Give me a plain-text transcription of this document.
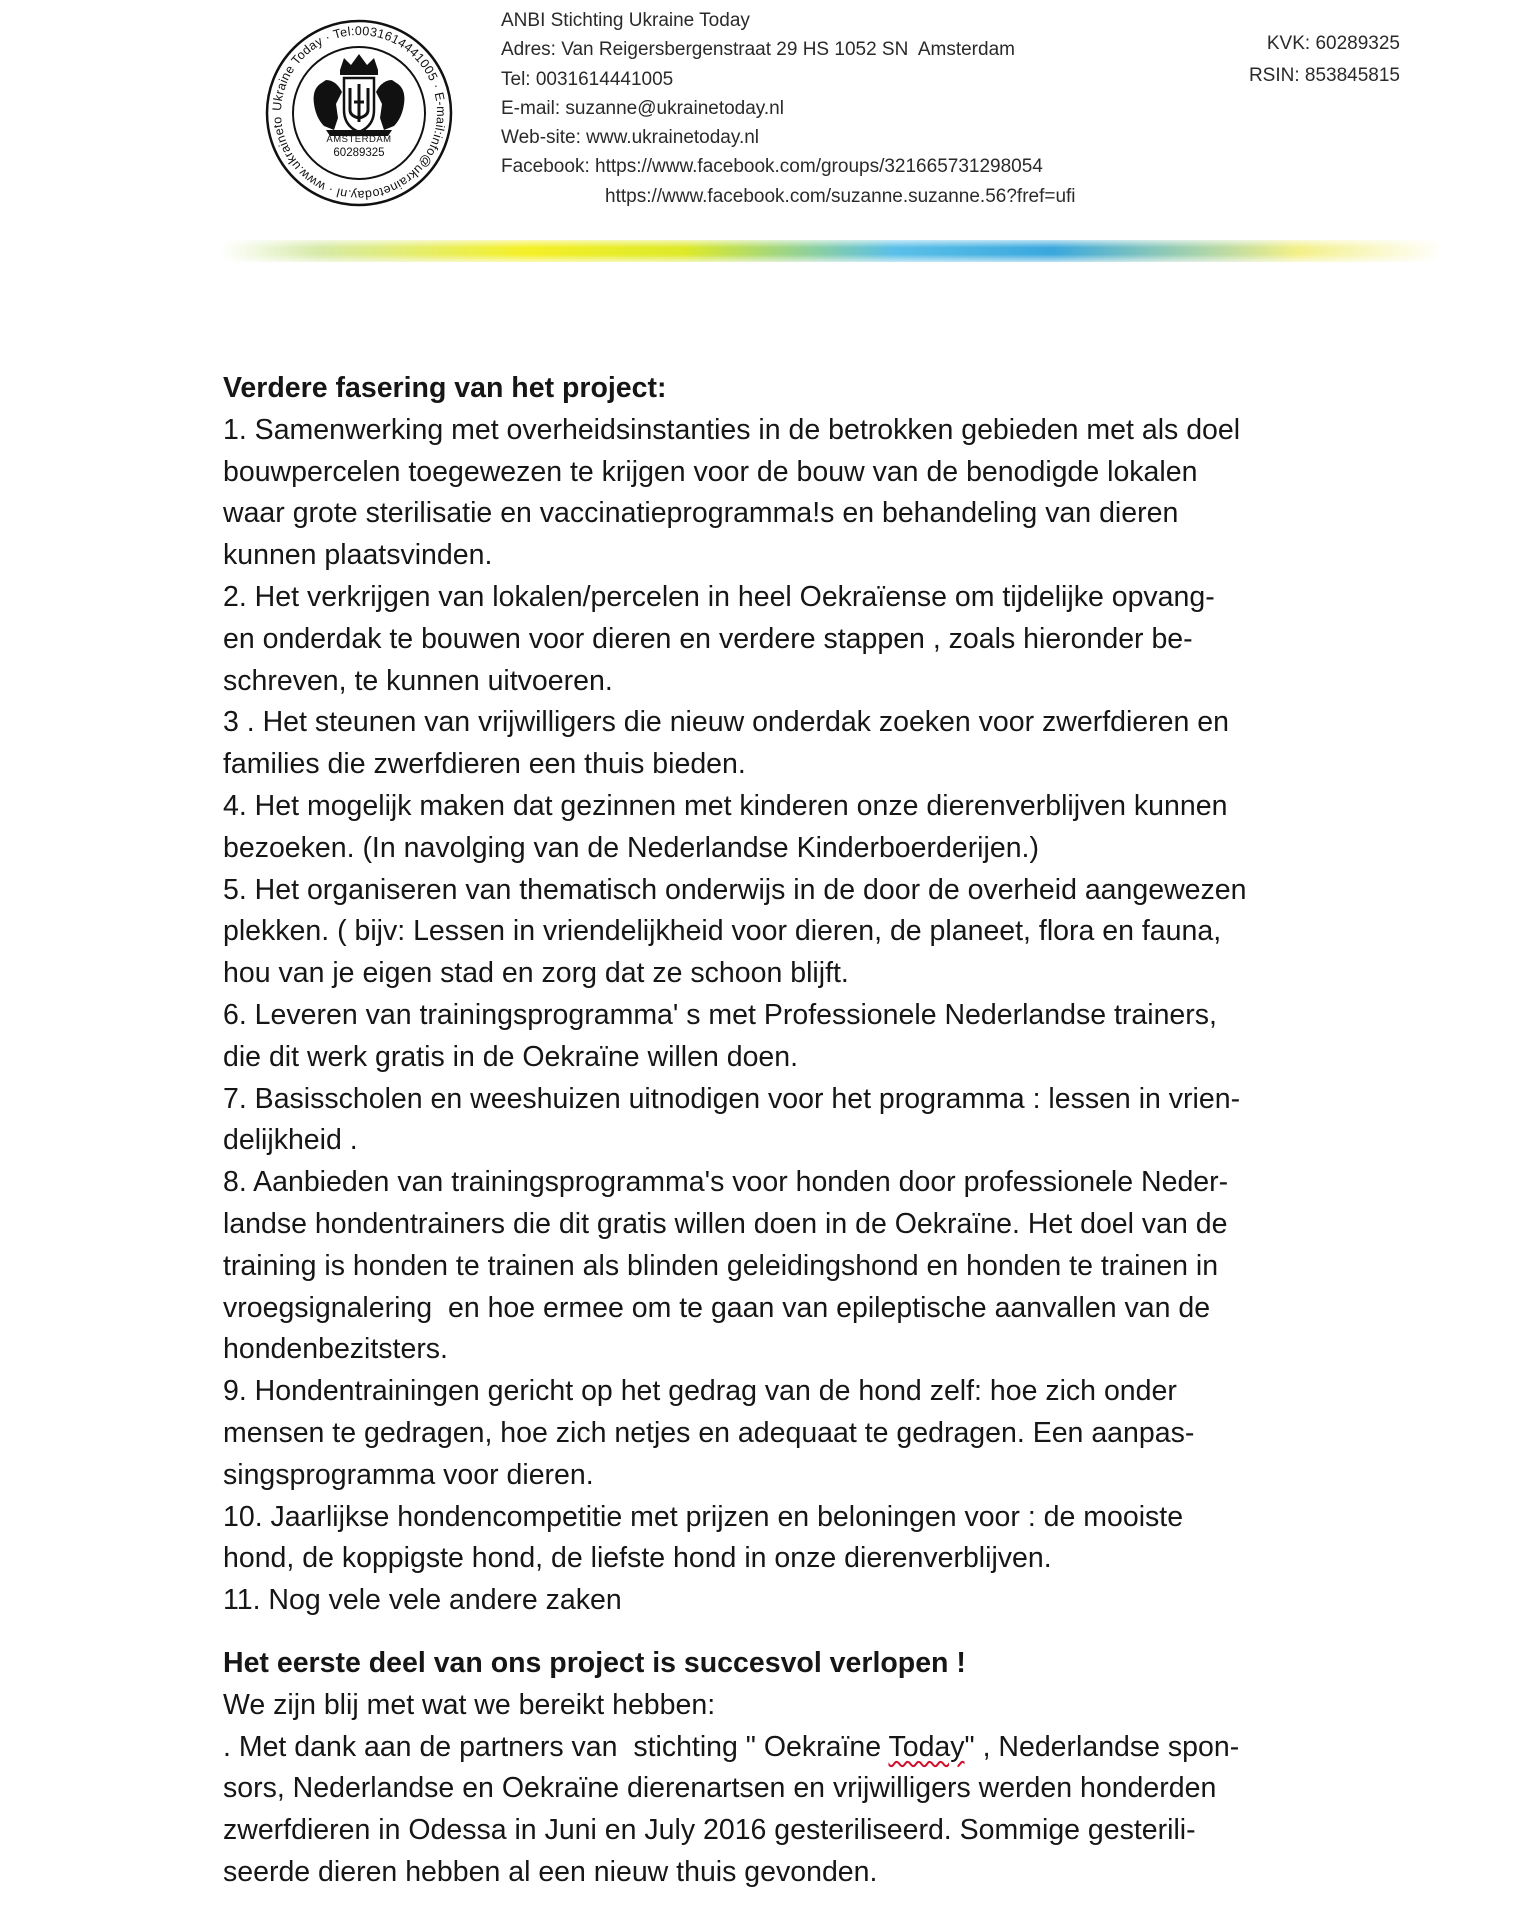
Ukraine Today · Tel:0031614441005 · E-mail:info@ukrainetoday.nl · www.ukraineto
AMSTERDAM
60289325
ANBI Stichting Ukraine Today
Adres: Van Reigersbergenstraat 29 HS 1052 SN  Amsterdam
Tel: 0031614441005
E-mail: suzanne@ukrainetoday.nl
Web-site: www.ukrainetoday.nl
Facebook: https://www.facebook.com/groups/321665731298054
https://www.facebook.com/suzanne.suzanne.56?fref=ufi
KVK: 60289325
RSIN: 853845815
Verdere fasering van het project:
1. Samenwerking met overheidsinstanties in de betrokken gebieden met als doel
bouwpercelen toegewezen te krijgen voor de bouw van de benodigde lokalen
waar grote sterilisatie en vaccinatieprogramma!s en behandeling van dieren
kunnen plaatsvinden.
2. Het verkrijgen van lokalen/percelen in heel Oekraïense om tijdelijke opvang-
en onderdak te bouwen voor dieren en verdere stappen , zoals hieronder be-
schreven, te kunnen uitvoeren.
3 . Het steunen van vrijwilligers die nieuw onderdak zoeken voor zwerfdieren en
families die zwerfdieren een thuis bieden.
4. Het mogelijk maken dat gezinnen met kinderen onze dierenverblijven kunnen
bezoeken. (In navolging van de Nederlandse Kinderboerderijen.)
5. Het organiseren van thematisch onderwijs in de door de overheid aangewezen
plekken. ( bijv: Lessen in vriendelijkheid voor dieren, de planeet, flora en fauna,
hou van je eigen stad en zorg dat ze schoon blijft.
6. Leveren van trainingsprogramma' s met Professionele Nederlandse trainers,
die dit werk gratis in de Oekraïne willen doen.
7. Basisscholen en weeshuizen uitnodigen voor het programma : lessen in vrien-
delijkheid .
8. Aanbieden van trainingsprogramma's voor honden door professionele Neder-
landse hondentrainers die dit gratis willen doen in de Oekraïne. Het doel van de
training is honden te trainen als blinden geleidingshond en honden te trainen in
vroegsignalering  en hoe ermee om te gaan van epileptische aanvallen van de
hondenbezitsters.
9. Hondentrainingen gericht op het gedrag van de hond zelf: hoe zich onder
mensen te gedragen, hoe zich netjes en adequaat te gedragen. Een aanpas-
singsprogramma voor dieren.
10. Jaarlijkse hondencompetitie met prijzen en beloningen voor : de mooiste
hond, de koppigste hond, de liefste hond in onze dierenverblijven.
11. Nog vele vele andere zaken
Het eerste deel van ons project is succesvol verlopen !
We zijn blij met wat we bereikt hebben:
. Met dank aan de partners van  stichting " Oekraïne Today" , Nederlandse spon-
sors, Nederlandse en Oekraïne dierenartsen en vrijwilligers werden honderden
zwerfdieren in Odessa in Juni en July 2016 gesteriliseerd. Sommige gesterili-
seerde dieren hebben al een nieuw thuis gevonden.
